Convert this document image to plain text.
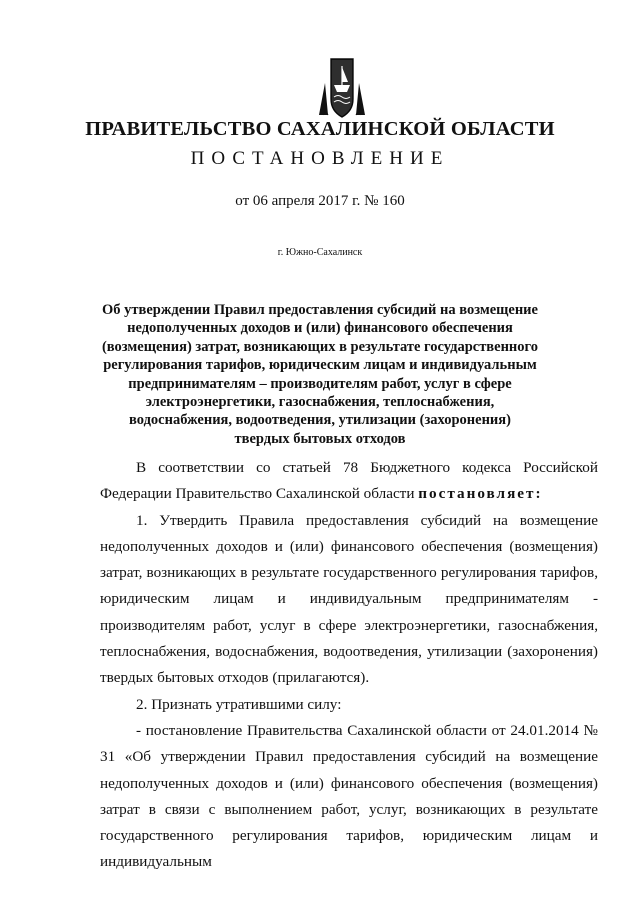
ПРАВИТЕЛЬСТВО САХАЛИНСКОЙ ОБЛАСТИ
ПОСТАНОВЛЕНИЕ
от 06 апреля 2017 г. № 160
г. Южно-Сахалинск
Об утверждении Правил предоставления субсидий на возмещение недополученных доходов и (или) финансового обеспечения (возмещения) затрат, возникающих в результате государственного регулирования тарифов, юридическим лицам и индивидуальным предпринимателям – производителям работ, услуг в сфере электроэнергетики, газоснабжения, теплоснабжения, водоснабжения, водоотведения, утилизации (захоронения) твердых бытовых отходов

В соответствии со статьей 78 Бюджетного кодекса Российской Федерации Правительство Сахалинской области постановляет:

1. Утвердить Правила предоставления субсидий на возмещение недополученных доходов и (или) финансового обеспечения (возмещения) затрат, возникающих в результате государственного регулирования тарифов, юридическим лицам и индивидуальным предпринимателям - производителям работ, услуг в сфере электроэнергетики, газоснабжения, теплоснабжения, водоснабжения, водоотведения, утилизации (захоронения) твердых бытовых отходов (прилагаются).

2. Признать утратившими силу:

- постановление Правительства Сахалинской области от 24.01.2014 № 31 «Об утверждении Правил предоставления субсидий на возмещение недополученных доходов и (или) финансового обеспечения (возмещения) затрат в связи с выполнением работ, услуг, возникающих в результате государственного регулирования тарифов, юридическим лицам и индивидуальным
